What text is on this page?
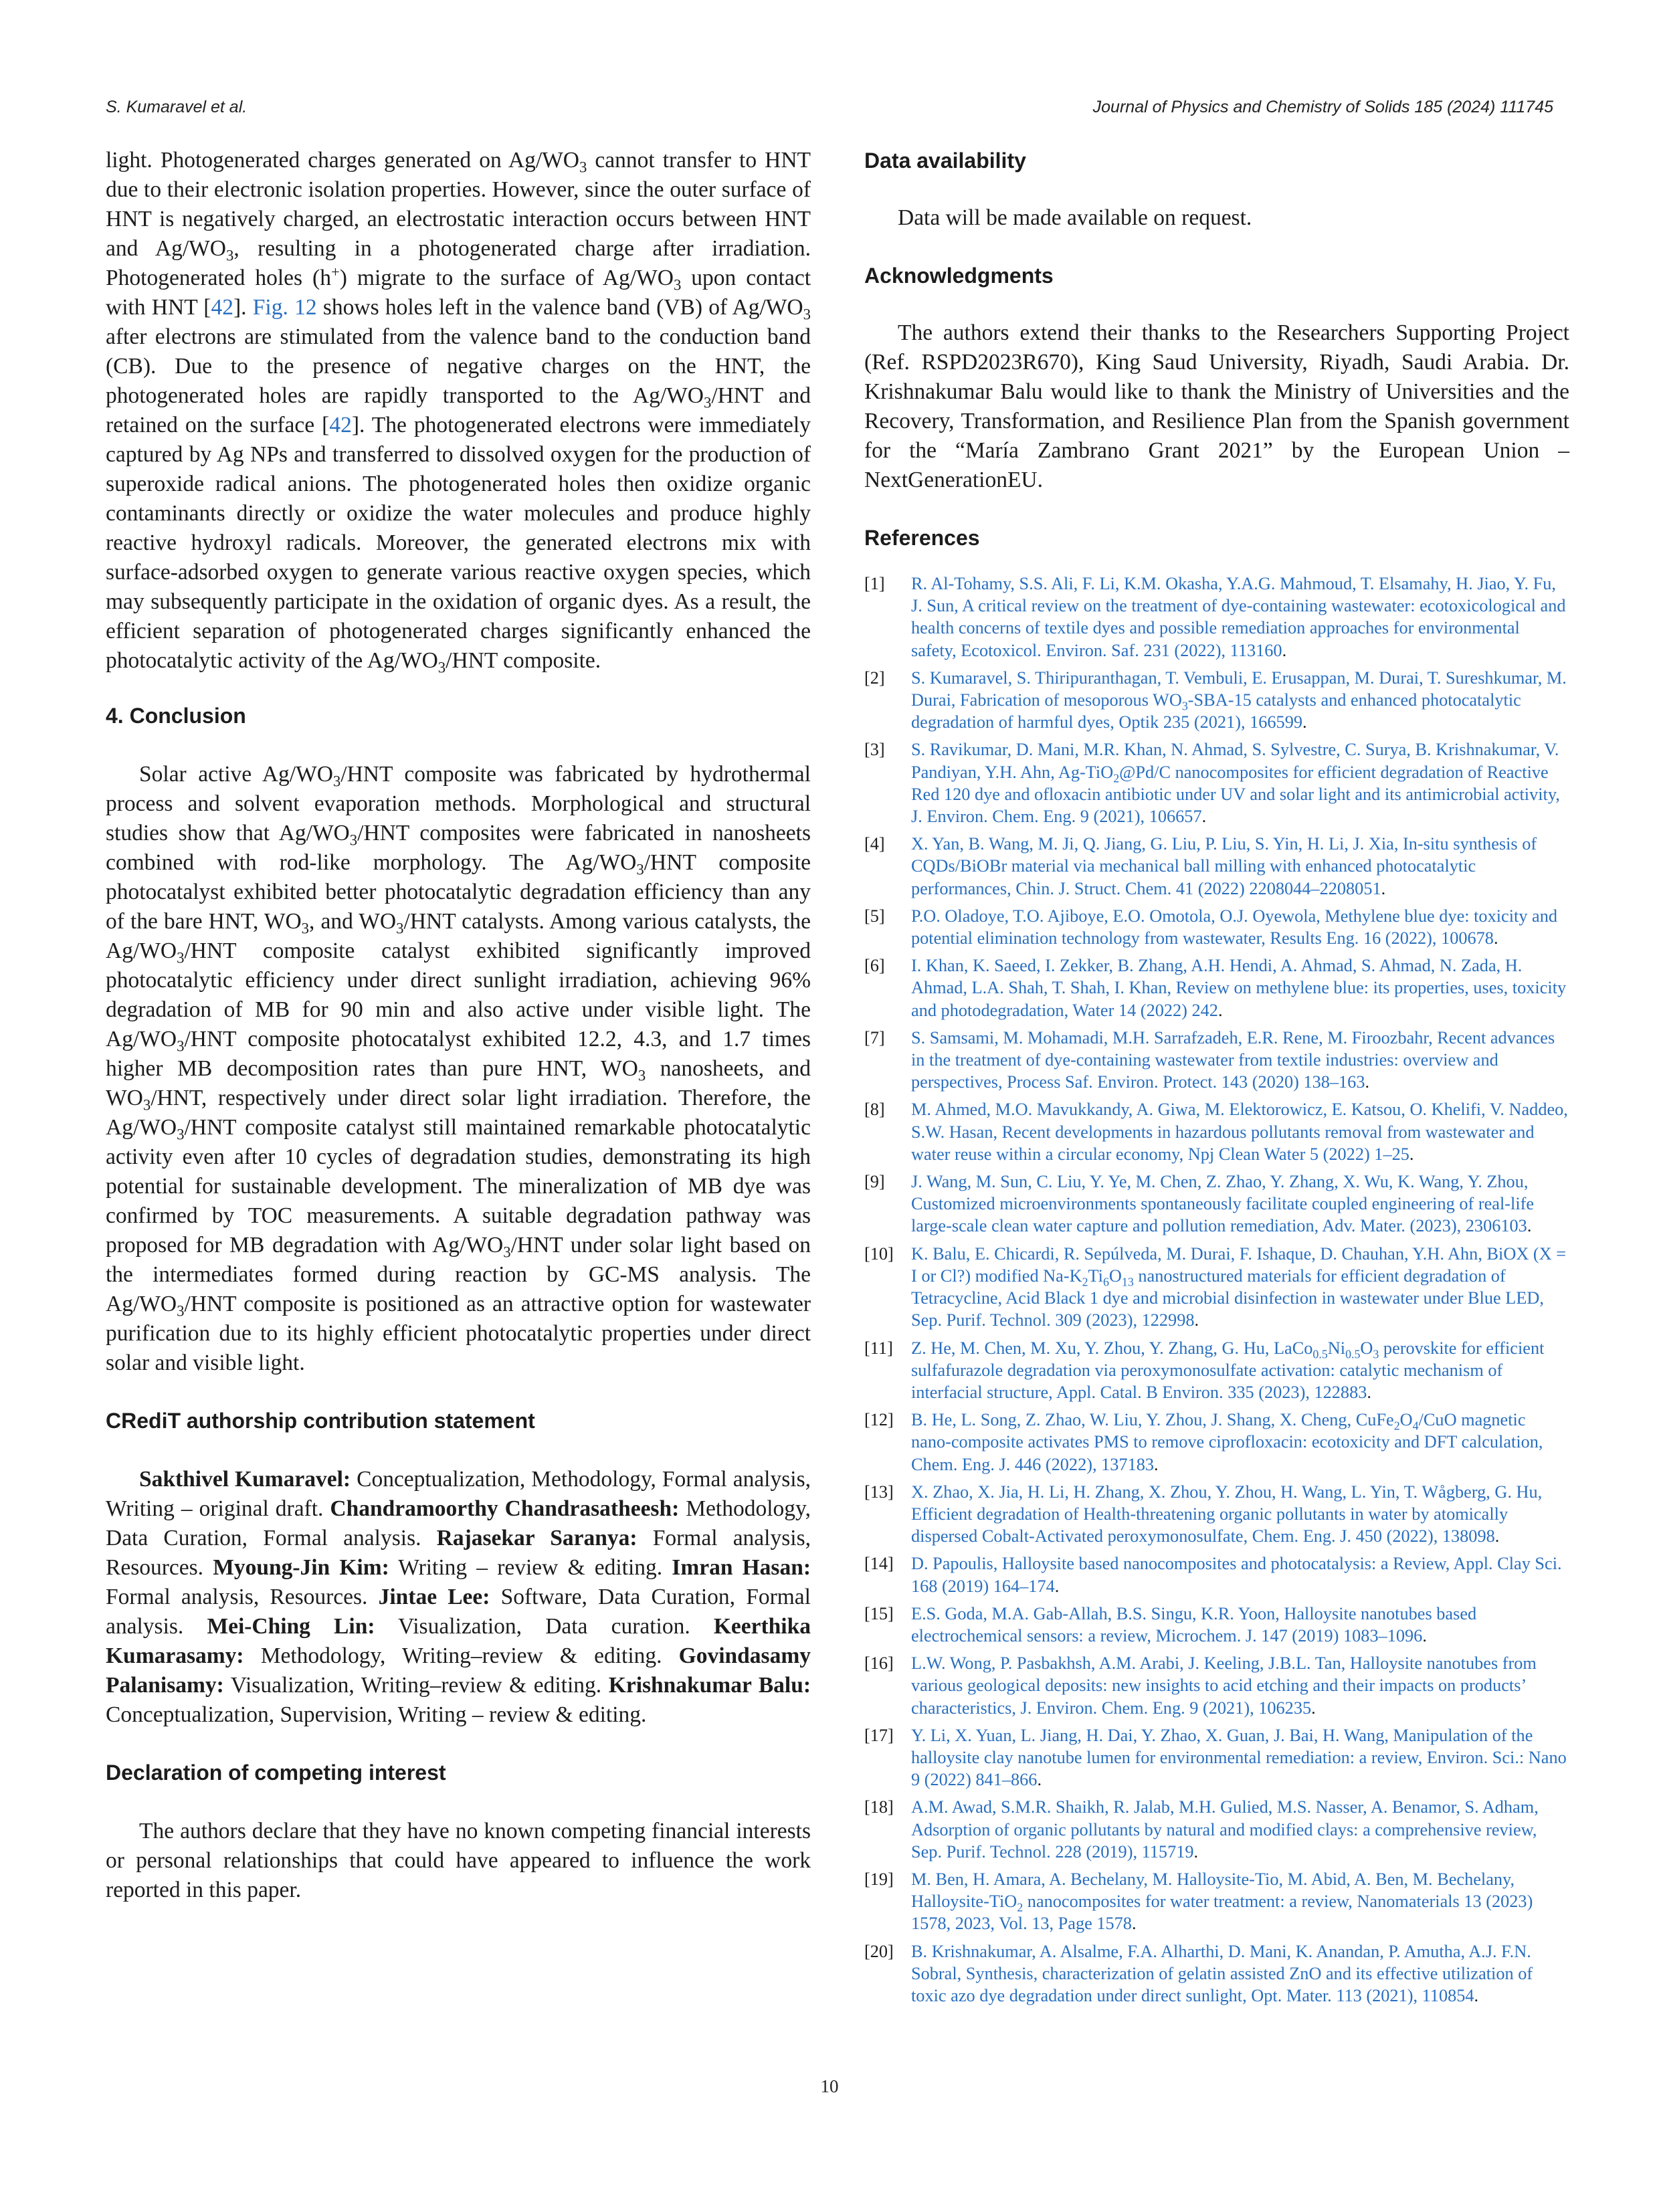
S. Kumaravel et al.	Journal of Physics and Chemistry of Solids 185 (2024) 111745

light. Photogenerated charges generated on $Ag/WO_3$ cannot transfer to HNT due to their electronic isolation properties. However, since the outer surface of HNT is negatively charged, an electrostatic interaction occurs between HNT and $Ag/WO_3$, resulting in a photogenerated charge after irradiation. Photogenerated holes (h+) migrate to the surface of $Ag/WO_3$ upon contact with HNT [42]. Fig. 12 shows holes left in the valence band (VB) of $Ag/WO_3$ after electrons are stimulated from the valence band to the conduction band (CB). Due to the presence of negative charges on the HNT, the photogenerated holes are rapidly transported to the $Ag/WO_3$/HNT and retained on the surface [42]. The photogenerated electrons were immediately captured by Ag NPs and transferred to dissolved oxygen for the production of superoxide radical anions. The photogenerated holes then oxidize organic contaminants directly or oxidize the water molecules and produce highly reactive hydroxyl radicals. Moreover, the generated electrons mix with surface-adsorbed oxygen to generate various reactive oxygen species, which may subsequently participate in the oxidation of organic dyes. As a result, the efficient separation of photogenerated charges significantly enhanced the photocatalytic activity of the $Ag/WO_3$/HNT composite.

4. Conclusion

Solar active $Ag/WO_3$/HNT composite was fabricated by hydrothermal process and solvent evaporation methods. Morphological and structural studies show that $Ag/WO_3$/HNT composites were fabricated in nanosheets combined with rod-like morphology. The $Ag/WO_3$/HNT composite photocatalyst exhibited better photocatalytic degradation efficiency than any of the bare HNT, $WO_3$, and $WO_3$/HNT catalysts. Among various catalysts, the $Ag/WO_3$/HNT composite catalyst exhibited significantly improved photocatalytic efficiency under direct sunlight irradiation, achieving 96% degradation of MB for 90 min and also active under visible light. The $Ag/WO_3$/HNT composite photocatalyst exhibited 12.2, 4.3, and 1.7 times higher MB decomposition rates than pure HNT, $WO_3$ nanosheets, and $WO_3$/HNT, respectively under direct solar light irradiation. Therefore, the $Ag/WO_3$/HNT composite catalyst still maintained remarkable photocatalytic activity even after 10 cycles of degradation studies, demonstrating its high potential for sustainable development. The mineralization of MB dye was confirmed by TOC measurements. A suitable degradation pathway was proposed for MB degradation with $Ag/WO_3$/HNT under solar light based on the intermediates formed during reaction by GC-MS analysis. The $Ag/WO_3$/HNT composite is positioned as an attractive option for wastewater purification due to its highly efficient photocatalytic properties under direct solar and visible light.

CRediT authorship contribution statement

Sakthivel Kumaravel: Conceptualization, Methodology, Formal analysis, Writing – original draft. Chandramoorthy Chandrasatheesh: Methodology, Data Curation, Formal analysis. Rajasekar Saranya: Formal analysis, Resources. Myoung-Jin Kim: Writing – review & editing. Imran Hasan: Formal analysis, Resources. Jintae Lee: Software, Data Curation, Formal analysis. Mei-Ching Lin: Visualization, Data curation. Keerthika Kumarasamy: Methodology, Writing–review & editing. Govindasamy Palanisamy: Visualization, Writing–review & editing. Krishnakumar Balu: Conceptualization, Supervision, Writing – review & editing.

Declaration of competing interest

The authors declare that they have no known competing financial interests or personal relationships that could have appeared to influence the work reported in this paper.

Data availability

Data will be made available on request.

Acknowledgments

The authors extend their thanks to the Researchers Supporting Project (Ref. RSPD2023R670), King Saud University, Riyadh, Saudi Arabia. Dr. Krishnakumar Balu would like to thank the Ministry of Universities and the Recovery, Transformation, and Resilience Plan from the Spanish government for the “María Zambrano Grant 2021” by the European Union – NextGenerationEU.

References
[1] R. Al-Tohamy, S.S. Ali, F. Li, K.M. Okasha, Y.A.G. Mahmoud, T. Elsamahy, H. Jiao, Y. Fu, J. Sun, A critical review on the treatment of dye-containing wastewater: ecotoxicological and health concerns of textile dyes and possible remediation approaches for environmental safety, Ecotoxicol. Environ. Saf. 231 (2022), 113160.
[2] S. Kumaravel, S. Thiripuranthagan, T. Vembuli, E. Erusappan, M. Durai, T. Sureshkumar, M. Durai, Fabrication of mesoporous $WO_3-SBA-15$ catalysts and enhanced photocatalytic degradation of harmful dyes, Optik 235 (2021), 166599.
[3] S. Ravikumar, D. Mani, M.R. Khan, N. Ahmad, S. Sylvestre, C. Surya, B. Krishnakumar, V. Pandiyan, Y.H. Ahn, Ag-TiO$_2$@Pd/C nanocomposites for efficient degradation of Reactive Red 120 dye and ofloxacin antibiotic under UV and solar light and its antimicrobial activity, J. Environ. Chem. Eng. 9 (2021), 106657.
[4] X. Yan, B. Wang, M. Ji, Q. Jiang, G. Liu, P. Liu, S. Yin, H. Li, J. Xia, In-situ synthesis of CQDs/BiOBr material via mechanical ball milling with enhanced photocatalytic performances, Chin. J. Struct. Chem. 41 (2022) 2208044–2208051.
[5] P.O. Oladoye, T.O. Ajiboye, E.O. Omotola, O.J. Oyewola, Methylene blue dye: toxicity and potential elimination technology from wastewater, Results Eng. 16 (2022), 100678.
[6] I. Khan, K. Saeed, I. Zekker, B. Zhang, A.H. Hendi, A. Ahmad, S. Ahmad, N. Zada, H. Ahmad, L.A. Shah, T. Shah, I. Khan, Review on methylene blue: its properties, uses, toxicity and photodegradation, Water 14 (2022) 242.
[7] S. Samsami, M. Mohamadi, M.H. Sarrafzadeh, E.R. Rene, M. Firoozbahr, Recent advances in the treatment of dye-containing wastewater from textile industries: overview and perspectives, Process Saf. Environ. Protect. 143 (2020) 138–163.
[8] M. Ahmed, M.O. Mavukkandy, A. Giwa, M. Elektorowicz, E. Katsou, O. Khelifi, V. Naddeo, S.W. Hasan, Recent developments in hazardous pollutants removal from wastewater and water reuse within a circular economy, Npj Clean Water 5 (2022) 1–25.
[9] J. Wang, M. Sun, C. Liu, Y. Ye, M. Chen, Z. Zhao, Y. Zhang, X. Wu, K. Wang, Y. Zhou, Customized microenvironments spontaneously facilitate coupled engineering of real-life large-scale clean water capture and pollution remediation, Adv. Mater. (2023), 2306103.
[10] K. Balu, E. Chicardi, R. Sepúlveda, M. Durai, F. Ishaque, D. Chauhan, Y.H. Ahn, BiOX (X = I or Cl?) modified $Na-K_2Ti_6O_{13}$ nanostructured materials for efficient degradation of Tetracycline, Acid Black 1 dye and microbial disinfection in wastewater under Blue LED, Sep. Purif. Technol. 309 (2023), 122998.
[11] Z. He, M. Chen, M. Xu, Y. Zhou, Y. Zhang, G. Hu, $LaCo_{0.5}Ni_{0.5}O_3$ perovskite for efficient sulfafurazole degradation via peroxymonosulfate activation: catalytic mechanism of interfacial structure, Appl. Catal. B Environ. 335 (2023), 122883.
[12] B. He, L. Song, Z. Zhao, W. Liu, Y. Zhou, J. Shang, X. Cheng, $CuFe_2O_4$/CuO magnetic nano-composite activates PMS to remove ciprofloxacin: ecotoxicity and DFT calculation, Chem. Eng. J. 446 (2022), 137183.
[13] X. Zhao, X. Jia, H. Li, H. Zhang, X. Zhou, Y. Zhou, H. Wang, L. Yin, T. Wågberg, G. Hu, Efficient degradation of Health-threatening organic pollutants in water by atomically dispersed Cobalt-Activated peroxymonosulfate, Chem. Eng. J. 450 (2022), 138098.
[14] D. Papoulis, Halloysite based nanocomposites and photocatalysis: a Review, Appl. Clay Sci. 168 (2019) 164–174.
[15] E.S. Goda, M.A. Gab-Allah, B.S. Singu, K.R. Yoon, Halloysite nanotubes based electrochemical sensors: a review, Microchem. J. 147 (2019) 1083–1096.
[16] L.W. Wong, P. Pasbakhsh, A.M. Arabi, J. Keeling, J.B.L. Tan, Halloysite nanotubes from various geological deposits: new insights to acid etching and their impacts on products’ characteristics, J. Environ. Chem. Eng. 9 (2021), 106235.
[17] Y. Li, X. Yuan, L. Jiang, H. Dai, Y. Zhao, X. Guan, J. Bai, H. Wang, Manipulation of the halloysite clay nanotube lumen for environmental remediation: a review, Environ. Sci.: Nano 9 (2022) 841–866.
[18] A.M. Awad, S.M.R. Shaikh, R. Jalab, M.H. Gulied, M.S. Nasser, A. Benamor, S. Adham, Adsorption of organic pollutants by natural and modified clays: a comprehensive review, Sep. Purif. Technol. 228 (2019), 115719.
[19] M. Ben, H. Amara, A. Bechelany, M. Halloysite-Tio, M. Abid, A. Ben, M. Bechelany, Halloysite-TiO$_2$ nanocomposites for water treatment: a review, Nanomaterials 13 (2023) 1578, 2023, Vol. 13, Page 1578.
[20] B. Krishnakumar, A. Alsalme, F.A. Alharthi, D. Mani, K. Anandan, P. Amutha, A.J. F.N. Sobral, Synthesis, characterization of gelatin assisted ZnO and its effective utilization of toxic azo dye degradation under direct sunlight, Opt. Mater. 113 (2021), 110854.
10
